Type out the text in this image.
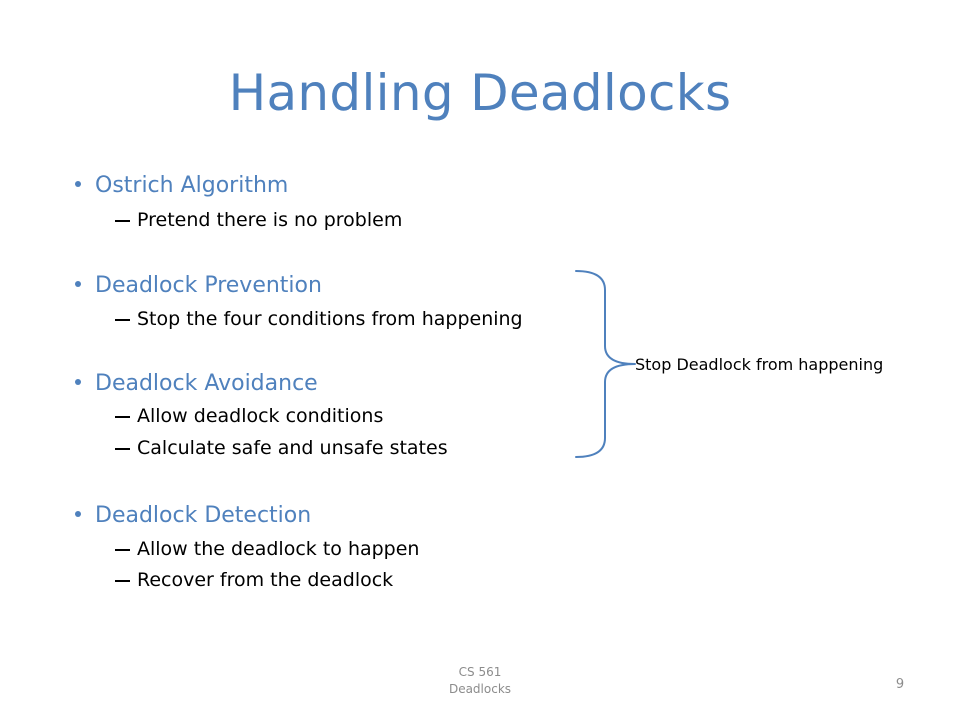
Handling Deadlocks
Ostrich Algorithm
Pretend there is no problem
Deadlock Prevention
Stop the four conditions from happening
Deadlock Avoidance
Allow deadlock conditions
Calculate safe and unsafe states
Deadlock Detection
Allow the deadlock to happen
Recover from the deadlock
Stop Deadlock from happening
CS 561
Deadlocks	9
